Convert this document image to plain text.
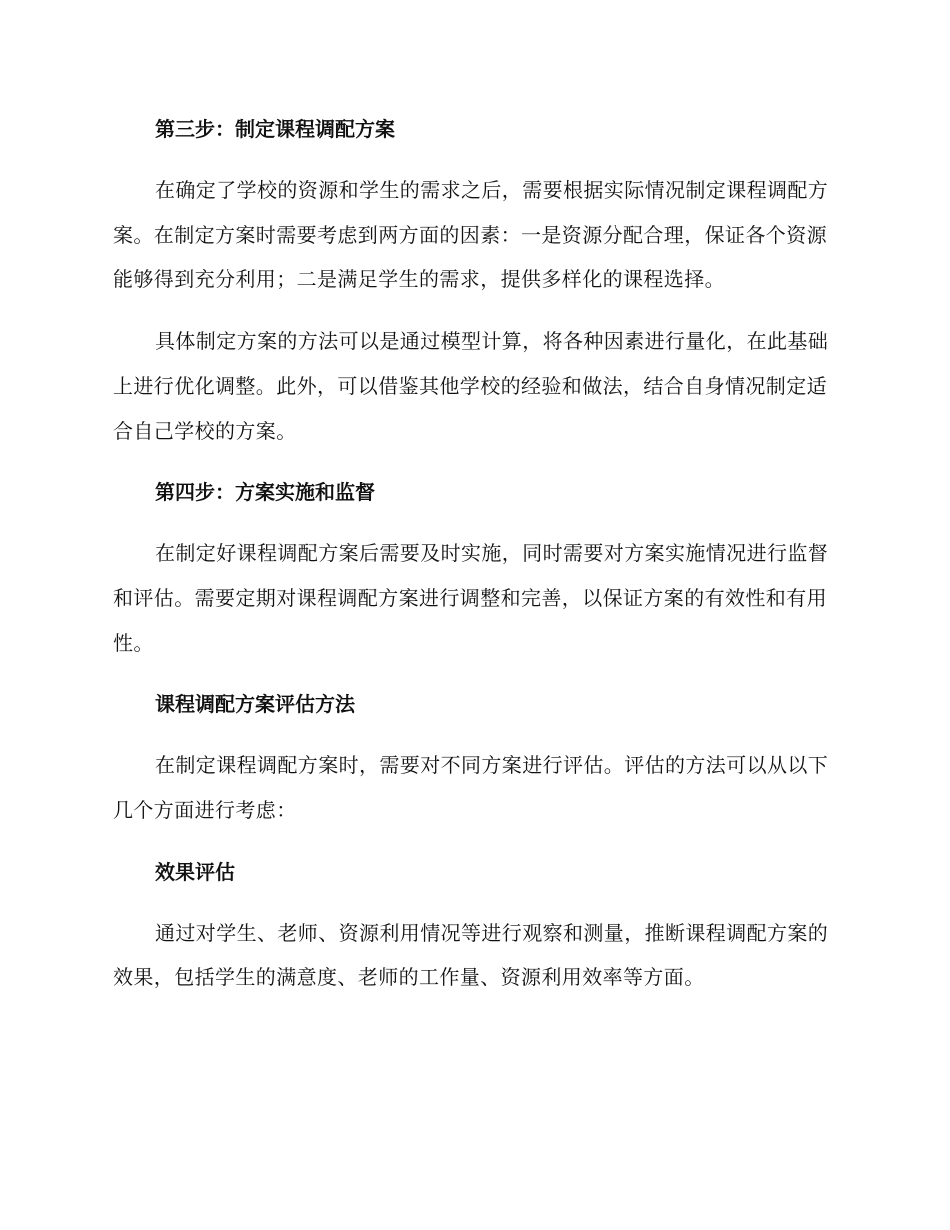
第三步：制定课程调配方案

在确定了学校的资源和学生的需求之后，需要根据实际情况制定课程调配方案。在制定方案时需要考虑到两方面的因素：一是资源分配合理，保证各个资源能够得到充分利用；二是满足学生的需求，提供多样化的课程选择。

具体制定方案的方法可以是通过模型计算，将各种因素进行量化，在此基础上进行优化调整。此外，可以借鉴其他学校的经验和做法，结合自身情况制定适合自己学校的方案。

第四步：方案实施和监督

在制定好课程调配方案后需要及时实施，同时需要对方案实施情况进行监督和评估。需要定期对课程调配方案进行调整和完善，以保证方案的有效性和有用性。

课程调配方案评估方法

在制定课程调配方案时，需要对不同方案进行评估。评估的方法可以从以下几个方面进行考虑：

效果评估

通过对学生、老师、资源利用情况等进行观察和测量，推断课程调配方案的效果，包括学生的满意度、老师的工作量、资源利用效率等方面。
